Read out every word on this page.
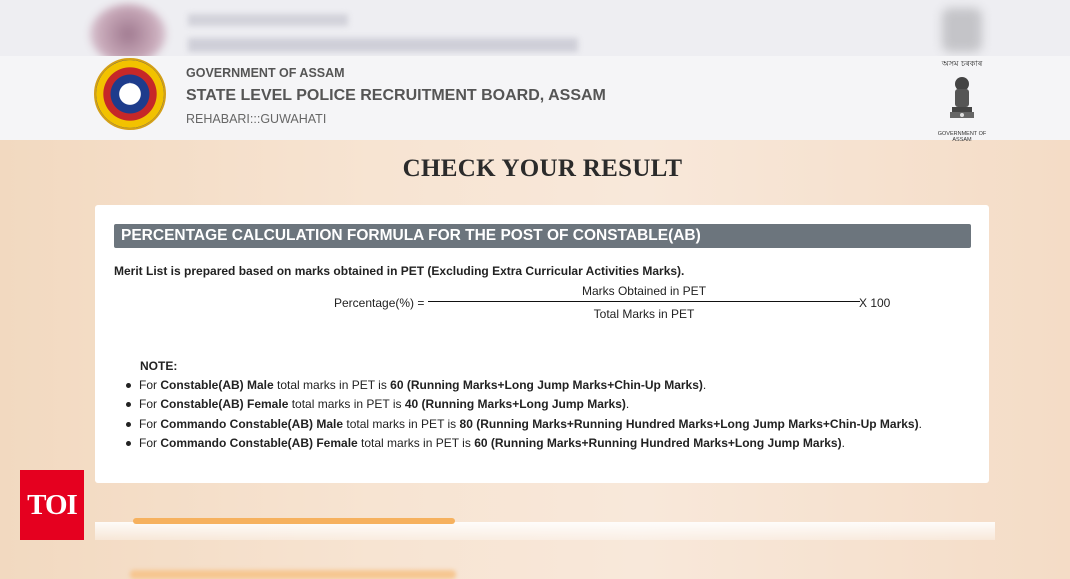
✦
GOVERNMENT OF ASSAM
STATE LEVEL POLICE RECRUITMENT BOARD, ASSAM
REHABARI:::GUWAHATI
অসম চৰকাৰ
GOVERNMENT OF ASSAM
CHECK YOUR RESULT
PERCENTAGE CALCULATION FORMULA FOR THE POST OF CONSTABLE(AB)
Merit List is prepared based on marks obtained in PET (Excluding Extra Curricular Activities Marks).
Percentage(%) =
Marks Obtained in PET
Total Marks in PET
X 100
NOTE:
For Constable(AB) Male total marks in PET is 60 (Running Marks+Long Jump Marks+Chin-Up Marks).
For Constable(AB) Female total marks in PET is 40 (Running Marks+Long Jump Marks).
For Commando Constable(AB) Male total marks in PET is 80 (Running Marks+Running Hundred Marks+Long Jump Marks+Chin-Up Marks).
For Commando Constable(AB) Female total marks in PET is 60 (Running Marks+Running Hundred Marks+Long Jump Marks).
TOI
